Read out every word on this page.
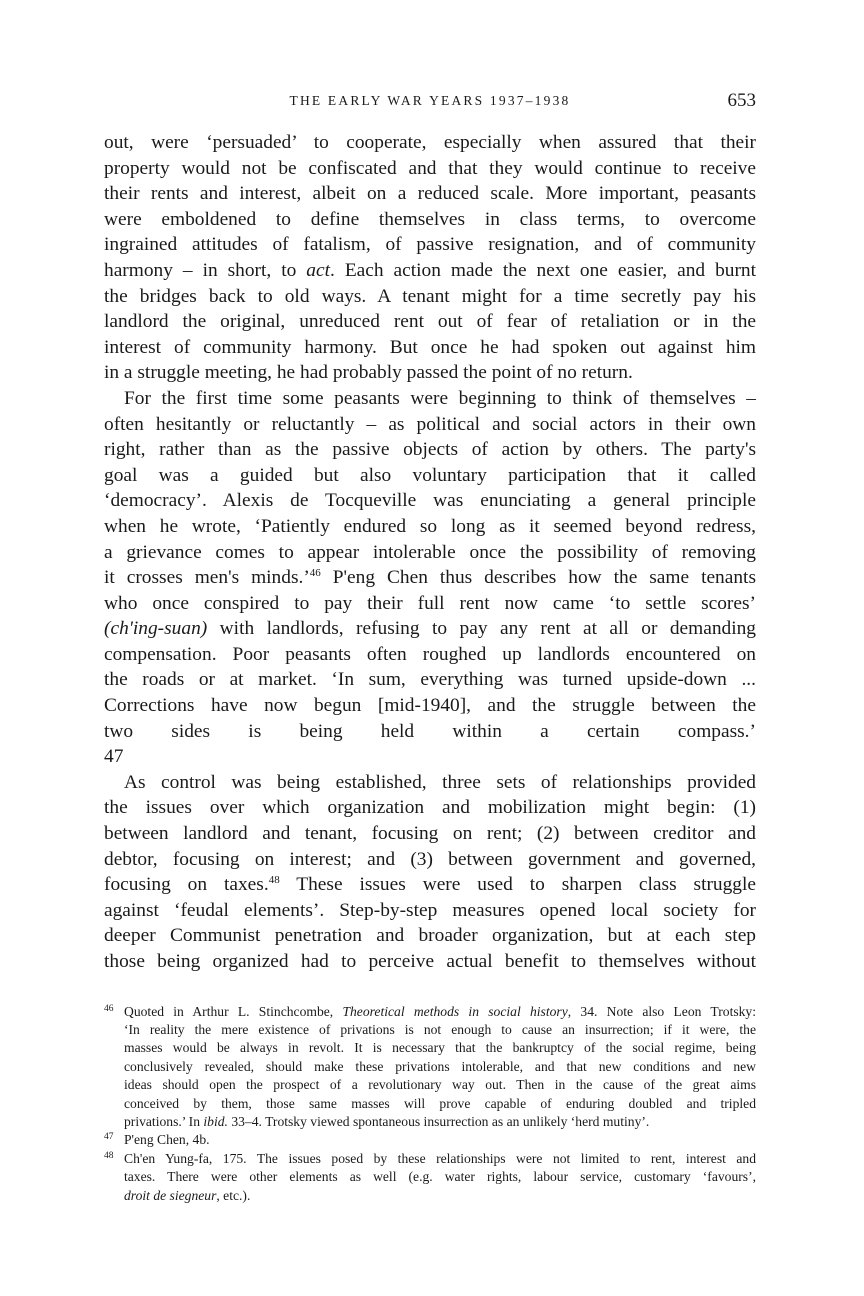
THE EARLY WAR YEARS 1937–1938	653

out, were ‘persuaded’ to cooperate, especially when assured that their
property would not be confiscated and that they would continue to receive
their rents and interest, albeit on a reduced scale. More important, peasants
were emboldened to define themselves in class terms, to overcome
ingrained attitudes of fatalism, of passive resignation, and of community
harmony – in short, to act. Each action made the next one easier, and burnt
the bridges back to old ways. A tenant might for a time secretly pay his
landlord the original, unreduced rent out of fear of retaliation or in the
interest of community harmony. But once he had spoken out against him
in a struggle meeting, he had probably passed the point of no return.

For the first time some peasants were beginning to think of themselves –
often hesitantly or reluctantly – as political and social actors in their own
right, rather than as the passive objects of action by others. The party's
goal was a guided but also voluntary participation that it called
‘democracy’. Alexis de Tocqueville was enunciating a general principle
when he wrote, ‘Patiently endured so long as it seemed beyond redress,
a grievance comes to appear intolerable once the possibility of removing
it crosses men's minds.’$^{46}$ P'eng Chen thus describes how the same tenants
who once conspired to pay their full rent now came ‘to settle scores’
(ch'ing-suan) with landlords, refusing to pay any rent at all or demanding
compensation. Poor peasants often roughed up landlords encountered on
the roads or at market. ‘In sum, everything was turned upside-down ...
Corrections have now begun [mid-1940], and the struggle between the
two sides is being held within a certain compass.’
47

As control was being established, three sets of relationships provided
the issues over which organization and mobilization might begin: (1)
between landlord and tenant, focusing on rent; (2) between creditor and
debtor, focusing on interest; and (3) between government and governed,
focusing on taxes.$^{48}$ These issues were used to sharpen class struggle
against ‘feudal elements’. Step-by-step measures opened local society for
deeper Communist penetration and broader organization, but at each step
those being organized had to perceive actual benefit to themselves without

46 Quoted in Arthur L. Stinchcombe, Theoretical methods in social history, 34. Note also Leon Trotsky:
‘In reality the mere existence of privations is not enough to cause an insurrection; if it were, the
masses would be always in revolt. It is necessary that the bankruptcy of the social regime, being
conclusively revealed, should make these privations intolerable, and that new conditions and new
ideas should open the prospect of a revolutionary way out. Then in the cause of the great aims
conceived by them, those same masses will prove capable of enduring doubled and tripled
privations.’ In ibid. 33–4. Trotsky viewed spontaneous insurrection as an unlikely ‘herd mutiny’.
47 P'eng Chen, 4b.
48 Ch'en Yung-fa, 175. The issues posed by these relationships were not limited to rent, interest and
taxes. There were other elements as well (e.g. water rights, labour service, customary ‘favours’,
droit de siegneur, etc.).
